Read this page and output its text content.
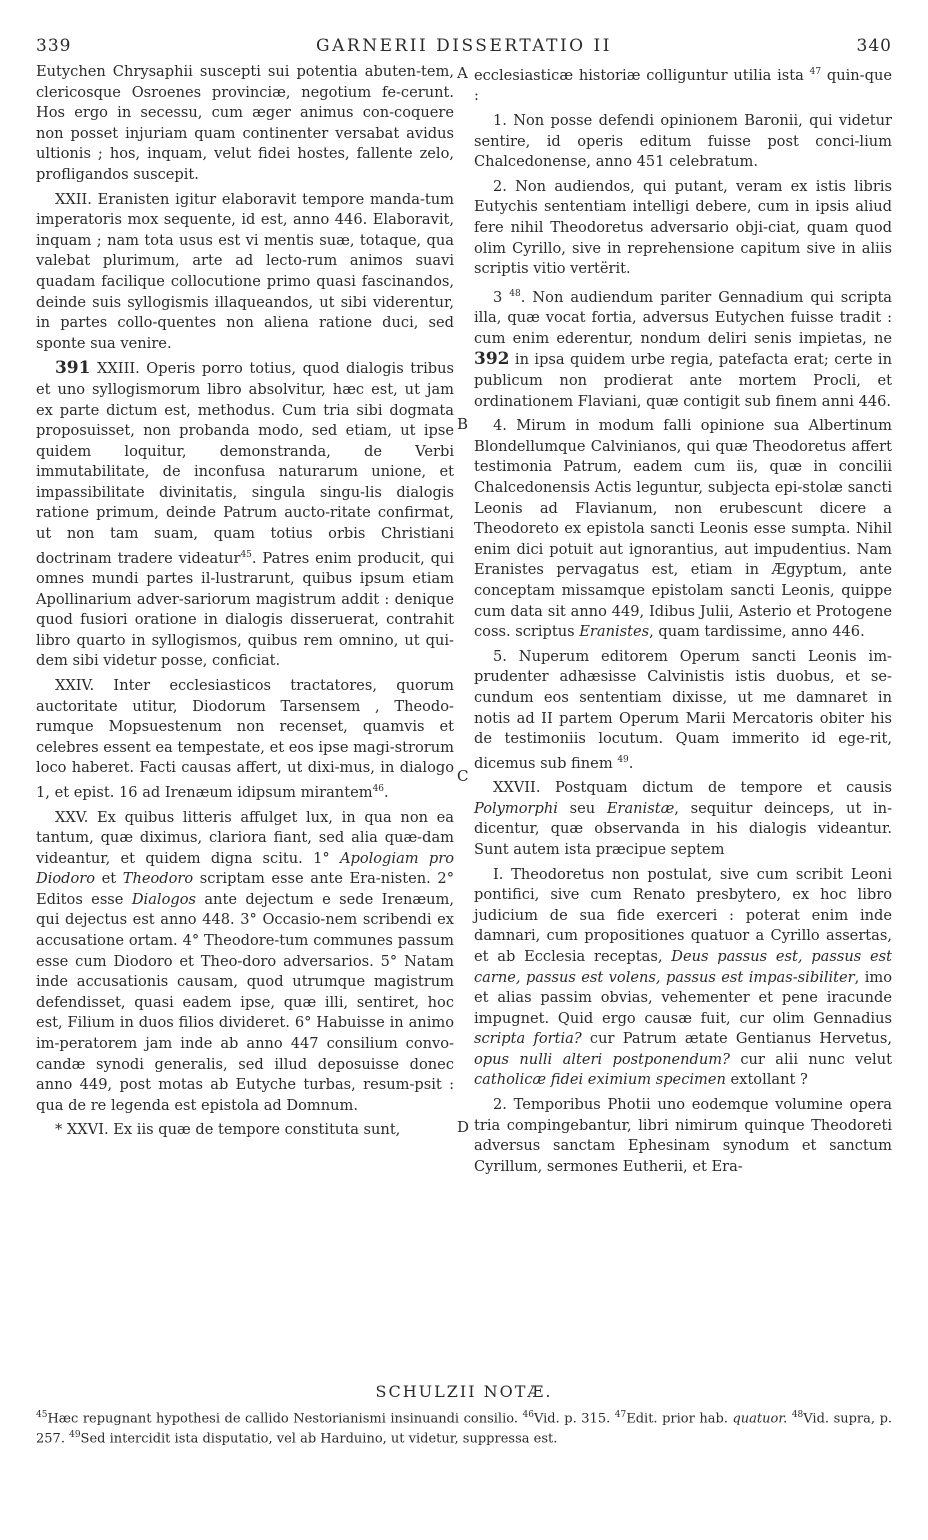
339	GARNERII DISSERTATIO II	340
A
B
C
D

Eutychen Chrysaphii suscepti sui potentia abuten-tem, clericosque Osroenes provinciæ, negotium fe-cerunt. Hos ergo in secessu, cum æger animus con-coquere non posset injuriam quam continenter versabat avidus ultionis ; hos, inquam, velut fidei hostes, fallente zelo, profligandos suscepit.

XXII. Eranisten igitur elaboravit tempore manda-tum imperatoris mox sequente, id est, anno 446. Elaboravit, inquam ; nam tota usus est vi mentis suæ, totaque, qua valebat plurimum, arte ad lecto-rum animos suavi quadam facilique collocutione primo quasi fascinandos, deinde suis syllogismis illaqueandos, ut sibi viderentur, in partes collo-quentes non aliena ratione duci, sed sponte sua venire.

391 XXIII. Operis porro totius, quod dialogis tribus et uno syllogismorum libro absolvitur, hæc est, ut jam ex parte dictum est, methodus. Cum tria sibi dogmata proposuisset, non probanda modo, sed etiam, ut ipse quidem loquitur, demonstranda, de Verbi immutabilitate, de inconfusa naturarum unione, et impassibilitate divinitatis, singula singu-lis dialogis ratione primum, deinde Patrum aucto-ritate confirmat, ut non tam suam, quam totius orbis Christiani doctrinam tradere videatur$^{45}$. Patres enim producit, qui omnes mundi partes il-lustrarunt, quibus ipsum etiam Apollinarium adver-sariorum magistrum addit : denique quod fusiori oratione in dialogis disseruerat, contrahit libro quarto in syllogismos, quibus rem omnino, ut qui-dem sibi videtur posse, conficiat.

XXIV. Inter ecclesiasticos tractatores, quorum auctoritate utitur, Diodorum Tarsensem , Theodo-rumque Mopsuestenum non recenset, quamvis et celebres essent ea tempestate, et eos ipse magi-strorum loco haberet. Facti causas affert, ut dixi-mus, in dialogo 1, et epist. 16 ad Irenæum idipsum mirantem$^{46}$.

XXV. Ex quibus litteris affulget lux, in qua non ea tantum, quæ diximus, clariora fiant, sed alia quæ-dam videantur, et quidem digna scitu. 1° Apologiam pro Diodoro et Theodoro scriptam esse ante Era-nisten. 2° Editos esse Dialogos ante dejectum e sede Irenæum, qui dejectus est anno 448. 3° Occasio-nem scribendi ex accusatione ortam. 4° Theodore-tum communes passum esse cum Diodoro et Theo-doro adversarios. 5° Natam inde accusationis causam, quod utrumque magistrum defendisset, quasi eadem ipse, quæ illi, sentiret, hoc est, Filium in duos filios divideret. 6° Habuisse in animo im-peratorem jam inde ab anno 447 consilium convo-candæ synodi generalis, sed illud deposuisse donec anno 449, post motas ab Eutyche turbas, resum-psit : qua de re legenda est epistola ad Domnum.

* XXVI. Ex iis quæ de tempore constituta sunt,

ecclesiasticæ historiæ colliguntur utilia ista $^{47}$ quin-que :

1. Non posse defendi opinionem Baronii, qui videtur sentire, id operis editum fuisse post conci-lium Chalcedonense, anno 451 celebratum.

2. Non audiendos, qui putant, veram ex istis libris Eutychis sententiam intelligi debere, cum in ipsis aliud fere nihil Theodoretus adversario obji-ciat, quam quod olim Cyrillo, sive in reprehensione capitum sive in aliis scriptis vitio vertërit.

3 $^{48}$. Non audiendum pariter Gennadium qui scripta illa, quæ vocat fortia, adversus Eutychen fuisse tradit : cum enim ederentur, nondum deliri senis impietas, ne 392 in ipsa quidem urbe regia, patefacta erat; certe in publicum non prodierat ante mortem Procli, et ordinationem Flaviani, quæ contigit sub finem anni 446.

4. Mirum in modum falli opinione sua Albertinum Blondellumque Calvinianos, qui quæ Theodoretus affert testimonia Patrum, eadem cum iis, quæ in concilii Chalcedonensis Actis leguntur, subjecta epi-stolæ sancti Leonis ad Flavianum, non erubescunt dicere a Theodoreto ex epistola sancti Leonis esse sumpta. Nihil enim dici potuit aut ignorantius, aut impudentius. Nam Eranistes pervagatus est, etiam in Ægyptum, ante conceptam missamque epistolam sancti Leonis, quippe cum data sit anno 449, Idibus Julii, Asterio et Protogene coss. scriptus Eranistes, quam tardissime, anno 446.

5. Nuperum editorem Operum sancti Leonis im-prudenter adhæsisse Calvinistis istis duobus, et se-cundum eos sententiam dixisse, ut me damnaret in notis ad II partem Operum Marii Mercatoris obiter his de testimoniis locutum. Quam immerito id ege-rit, dicemus sub finem $^{49}$.

XXVII. Postquam dictum de tempore et causis Polymorphi seu Eranistæ, sequitur deinceps, ut in-dicentur, quæ observanda in his dialogis videantur. Sunt autem ista præcipue septem

I. Theodoretus non postulat, sive cum scribit Leoni pontifici, sive cum Renato presbytero, ex hoc libro judicium de sua fide exerceri : poterat enim inde damnari, cum propositiones quatuor a Cyrillo assertas, et ab Ecclesia receptas, Deus passus est, passus est carne, passus est volens, passus est impas-sibiliter, imo et alias passim obvias, vehementer et pene iracunde impugnet. Quid ergo causæ fuit, cur olim Gennadius scripta fortia? cur Patrum ætate Gentianus Hervetus, opus nulli alteri postponendum? cur alii nunc velut catholicæ fidei eximium specimen extollant ?

2. Temporibus Photii uno eodemque volumine opera tria compingebantur, libri nimirum quinque Theodoreti adversus sanctam Ephesinam synodum et sanctum Cyrillum, sermones Eutherii, et Era-

SCHULZII NOTÆ.
$^{45}$Hæc repugnant hypothesi de callido Nestorianismi insinuandi consilio. $^{46}$Vid. p. 315. $^{47}$Edit. prior hab. quatuor. $^{48}$Vid. supra, p. 257. $^{49}$Sed intercidit ista disputatio, vel ab Harduino, ut videtur, suppressa est.
